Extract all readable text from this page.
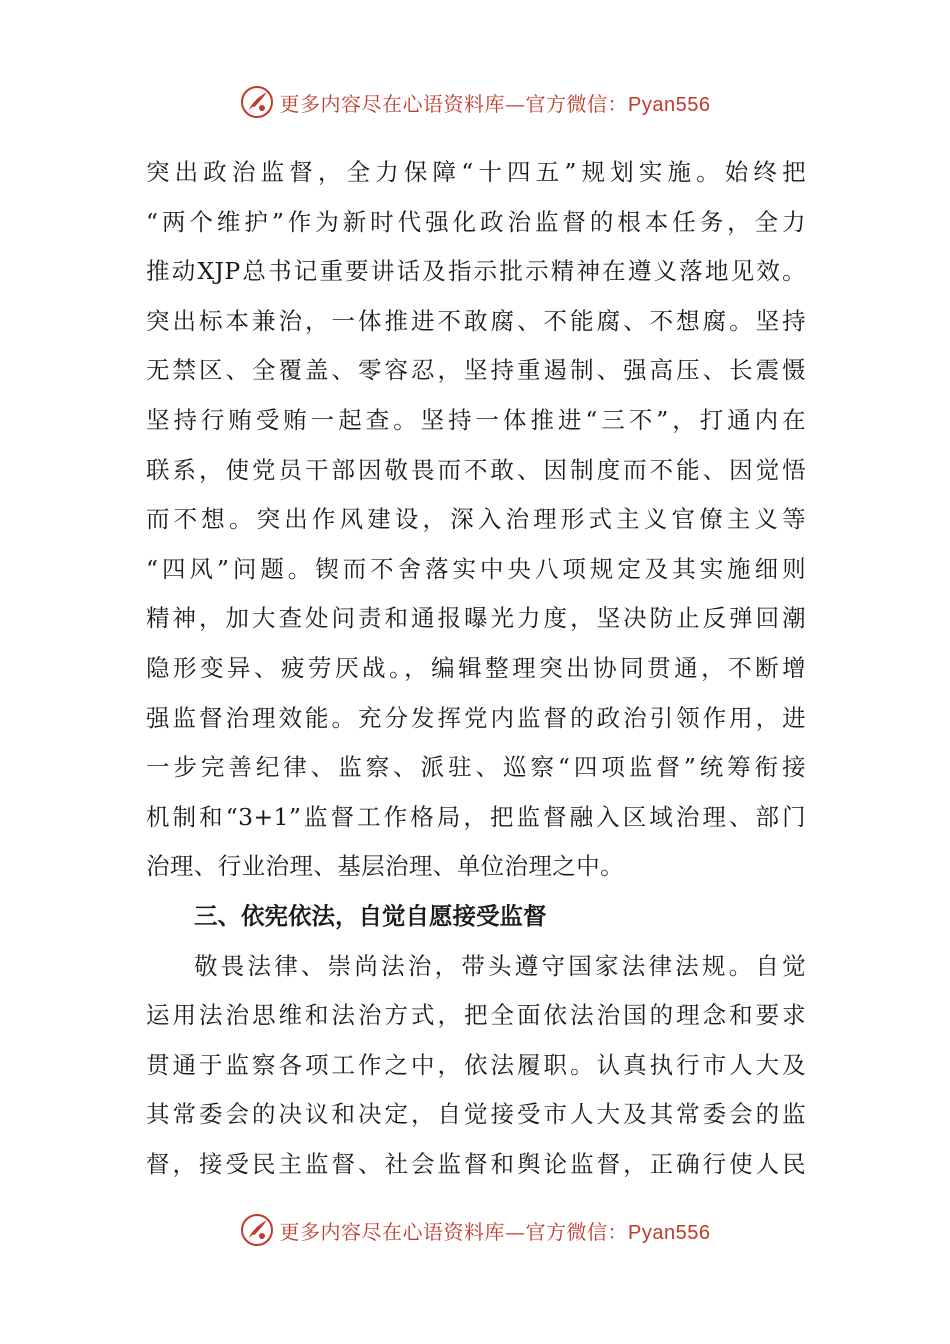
更多内容尽在心语资料库—官方微信：Pyan556
突出政治监督，全力保障“十四五”规划实施。始终把
“两个维护”作为新时代强化政治监督的根本任务，全力
推动XJP总书记重要讲话及指示批示精神在遵义落地见效。
突出标本兼治，一体推进不敢腐、不能腐、不想腐。坚持
无禁区、全覆盖、零容忍，坚持重遏制、强高压、长震慑
坚持行贿受贿一起查。坚持一体推进“三不”，打通内在
联系，使党员干部因敬畏而不敢、因制度而不能、因觉悟
而不想。突出作风建设，深入治理形式主义官僚主义等
“四风”问题。锲而不舍落实中央八项规定及其实施细则
精神，加大查处问责和通报曝光力度，坚决防止反弹回潮
隐形变异、疲劳厌战。，编辑整理突出协同贯通，不断增
强监督治理效能。充分发挥党内监督的政治引领作用，进
一步完善纪律、监察、派驻、巡察“四项监督”统筹衔接
机制和“3+1”监督工作格局，把监督融入区域治理、部门
治理、行业治理、基层治理、单位治理之中。
三、依宪依法，自觉自愿接受监督
敬畏法律、崇尚法治，带头遵守国家法律法规。自觉
运用法治思维和法治方式，把全面依法治国的理念和要求
贯通于监察各项工作之中，依法履职。认真执行市人大及
其常委会的决议和决定，自觉接受市人大及其常委会的监
督，接受民主监督、社会监督和舆论监督，正确行使人民
更多内容尽在心语资料库—官方微信：Pyan556
